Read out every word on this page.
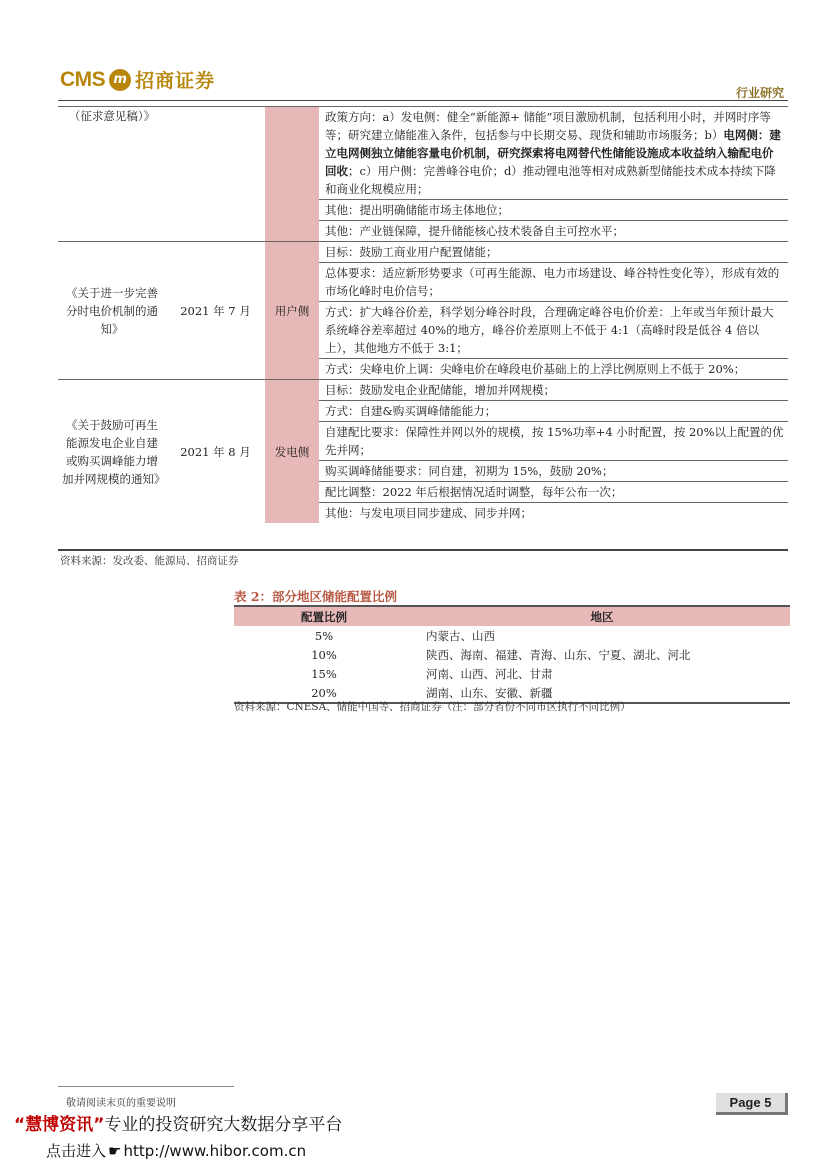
CMS m 招商证券
行业研究
（征求意见稿）》			政策方向：a）发电侧：健全“新能源+ 储能”项目激励机制，包括利用小时，并网时序等等；研究建立储能准入条件，包括参与中长期交易、现货和辅助市场服务；b）电网侧：建立电网侧独立储能容量电价机制，研究探索将电网替代性储能设施成本收益纳入输配电价回收；c）用户侧：完善峰谷电价；d）推动锂电池等相对成熟新型储能技术成本持续下降和商业化规模应用；
			其他：提出明确储能市场主体地位；
			其他：产业链保障，提升储能核心技术装备自主可控水平；
《关于进一步完善分时电价机制的通知》	2021 年 7 月	用户侧	目标：鼓励工商业用户配置储能；
			总体要求：适应新形势要求（可再生能源、电力市场建设、峰谷特性变化等），形成有效的市场化峰时电价信号；
			方式：扩大峰谷价差，科学划分峰谷时段，合理确定峰谷电价价差：上年或当年预计最大系统峰谷差率超过 40%的地方，峰谷价差原则上不低于 4:1（高峰时段是低谷 4 倍以上），其他地方不低于 3:1；
			方式：尖峰电价上调：尖峰电价在峰段电价基础上的上浮比例原则上不低于 20%；
《关于鼓励可再生能源发电企业自建或购买调峰能力增加并网规模的通知》	2021 年 8 月	发电侧	目标：鼓励发电企业配储能，增加并网规模；
			方式：自建&购买调峰储能能力；
			自建配比要求：保障性并网以外的规模，按 15%功率+4 小时配置，按 20%以上配置的优先并网；
			购买调峰储能要求：同自建，初期为 15%，鼓励 20%；
			配比调整：2022 年后根据情况适时调整，每年公布一次；
			其他：与发电项目同步建成、同步并网；
资料来源：发改委、能源局、招商证券
表 2：部分地区储能配置比例
配置比例	地区
5%	内蒙古、山西
10%	陕西、海南、福建、青海、山东、宁夏、湖北、河北
15%	河南、山西、河北、甘肃
20%	湖南、山东、安徽、新疆
资料来源：CNESA、储能中国等、招商证券（注：部分省份不同市区执行不同比例）
敬请阅读末页的重要说明	Page 5
“慧博资讯”专业的投资研究大数据分享平台
点击进入 ☛ http://www.hibor.com.cn
